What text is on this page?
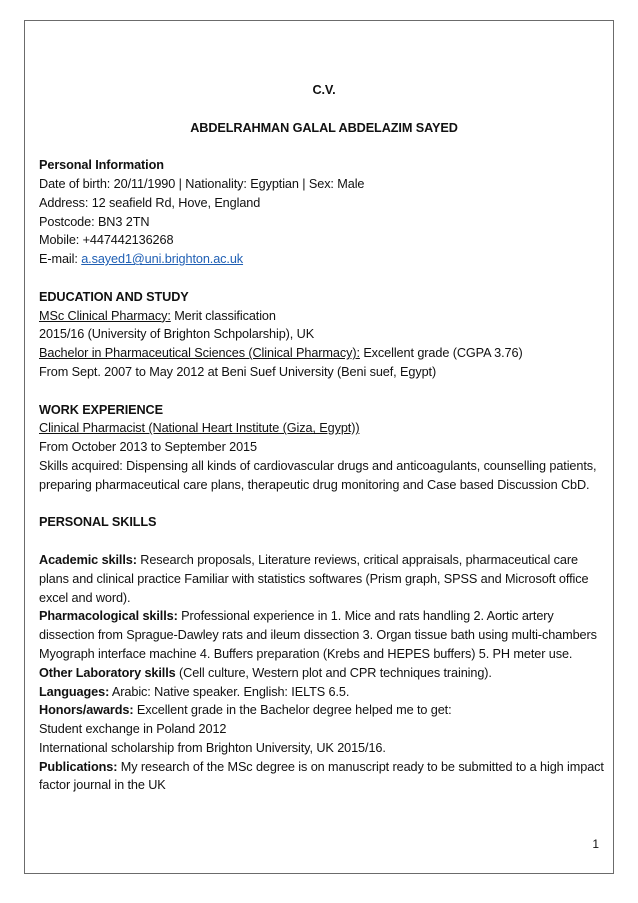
C.V.
ABDELRAHMAN GALAL ABDELAZIM SAYED
Personal Information
Date of birth: 20/11/1990 | Nationality: Egyptian | Sex: Male
Address: 12 seafield Rd, Hove, England
Postcode: BN3 2TN
Mobile: +447442136268
E-mail: a.sayed1@uni.brighton.ac.uk
EDUCATION AND STUDY
MSc Clinical Pharmacy: Merit classification
2015/16 (University of Brighton Schpolarship), UK
Bachelor in Pharmaceutical Sciences (Clinical Pharmacy): Excellent grade (CGPA 3.76)
From Sept. 2007 to May 2012 at Beni Suef University (Beni suef, Egypt)
WORK EXPERIENCE
Clinical Pharmacist (National Heart Institute (Giza, Egypt))
From October 2013 to September 2015
Skills acquired: Dispensing all kinds of cardiovascular drugs and anticoagulants, counselling patients, preparing pharmaceutical care plans, therapeutic drug monitoring and Case based Discussion CbD.
PERSONAL SKILLS
Academic skills: Research proposals, Literature reviews, critical appraisals, pharmaceutical care plans and clinical practice Familiar with statistics softwares (Prism graph, SPSS and Microsoft office excel and word).
Pharmacological skills: Professional experience in 1. Mice and rats handling 2. Aortic artery dissection from Sprague-Dawley rats and ileum dissection 3. Organ tissue bath using multi-chambers Myograph interface machine 4. Buffers preparation (Krebs and HEPES buffers) 5. PH meter use.
Other Laboratory skills (Cell culture, Western plot and CPR techniques training).
Languages: Arabic: Native speaker. English: IELTS 6.5.
Honors/awards: Excellent grade in the Bachelor degree helped me to get:
Student exchange in Poland 2012
International scholarship from Brighton University, UK 2015/16.
Publications: My research of the MSc degree is on manuscript ready to be submitted to a high impact factor journal in the UK
1
